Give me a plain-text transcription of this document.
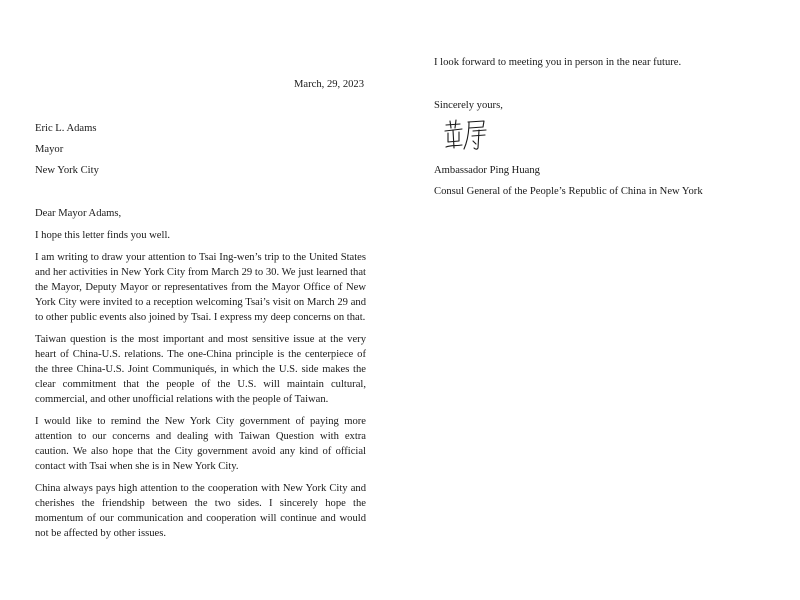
March, 29, 2023

Eric L. Adams

Mayor

New York City

Dear Mayor Adams,

I hope this letter finds you well.

I am writing to draw your attention to Tsai Ing-wen’s trip to the United States and her activities in New York City from March 29 to 30. We just learned that the Mayor, Deputy Mayor or representatives from the Mayor Office of New York City were invited to a reception welcoming Tsai’s visit on March 29 and to other public events also joined by Tsai. I express my deep concerns on that.

Taiwan question is the most important and most sensitive issue at the very heart of China-U.S. relations. The one-China principle is the centerpiece of the three China-U.S. Joint Communiqués, in which the U.S. side makes the clear commitment that the people of the U.S. will maintain cultural, commercial, and other unofficial relations with the people of Taiwan.

I would like to remind the New York City government of paying more attention to our concerns and dealing with Taiwan Question with extra caution. We also hope that the City government avoid any kind of official contact with Tsai when she is in New York City.

China always pays high attention to the cooperation with New York City and cherishes the friendship between the two sides. I sincerely hope the momentum of our communication and cooperation will continue and would not be affected by other issues.

I look forward to meeting you in person in the near future.

Sincerely yours,

Ambassador Ping Huang

Consul General of the People’s Republic of China in New York
